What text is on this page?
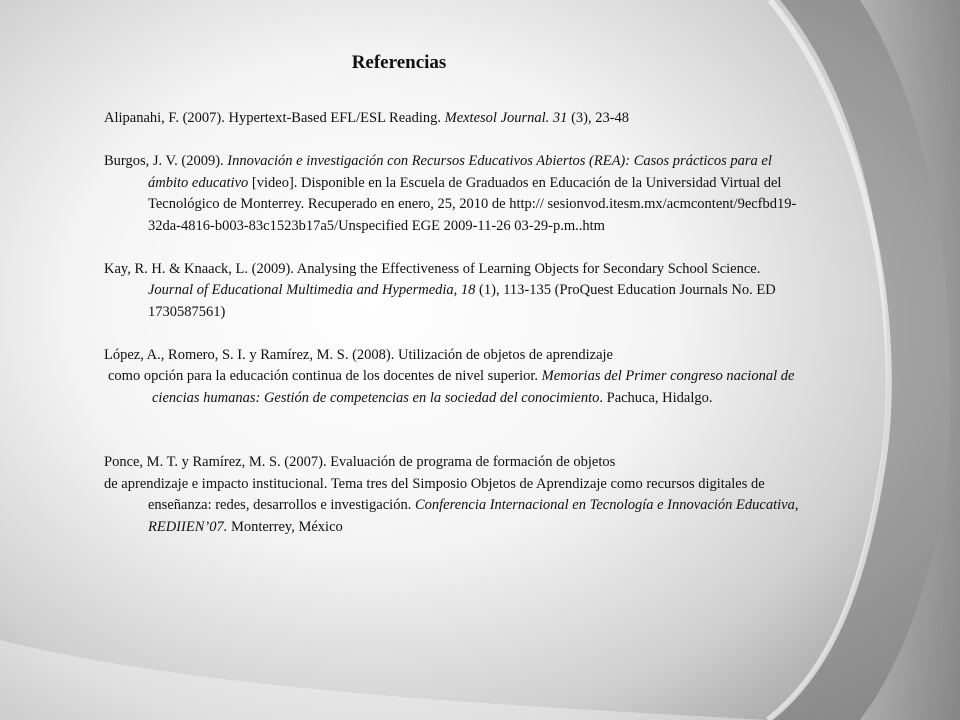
Referencias

Alipanahi, F. (2007). Hypertext-Based EFL/ESL Reading. Mextesol Journal. 31 (3), 23-48

Burgos, J. V. (2009). Innovación e investigación con Recursos Educativos Abiertos (REA): Casos prácticos para el ámbito educativo [video]. Disponible en la Escuela de Graduados en Educación de la Universidad Virtual del Tecnológico de Monterrey. Recuperado en enero, 25, 2010 de http:// sesionvod.itesm.mx/acmcontent/9ecfbd19-32da-4816-b003-83c1523b17a5/Unspecified EGE 2009-11-26 03-29-p.m..htm

Kay, R. H. & Knaack, L. (2009). Analysing the Effectiveness of Learning Objects for Secondary School Science. Journal of Educational Multimedia and Hypermedia, 18 (1), 113-135 (ProQuest Education Journals No. ED 1730587561)

López, A., Romero, S. I. y Ramírez, M. S. (2008). Utilización de objetos de aprendizaje
como opción para la educación continua de los docentes de nivel superior. Memorias del Primer congreso nacional de ciencias humanas: Gestión de competencias en la sociedad del conocimiento. Pachuca, Hidalgo.

Ponce, M. T. y Ramírez, M. S. (2007). Evaluación de programa de formación de objetos
de aprendizaje e impacto institucional. Tema tres del Simposio Objetos de Aprendizaje como recursos digitales de enseñanza: redes, desarrollos e investigación. Conferencia Internacional en Tecnología e Innovación Educativa, REDIIEN’07. Monterrey, México
